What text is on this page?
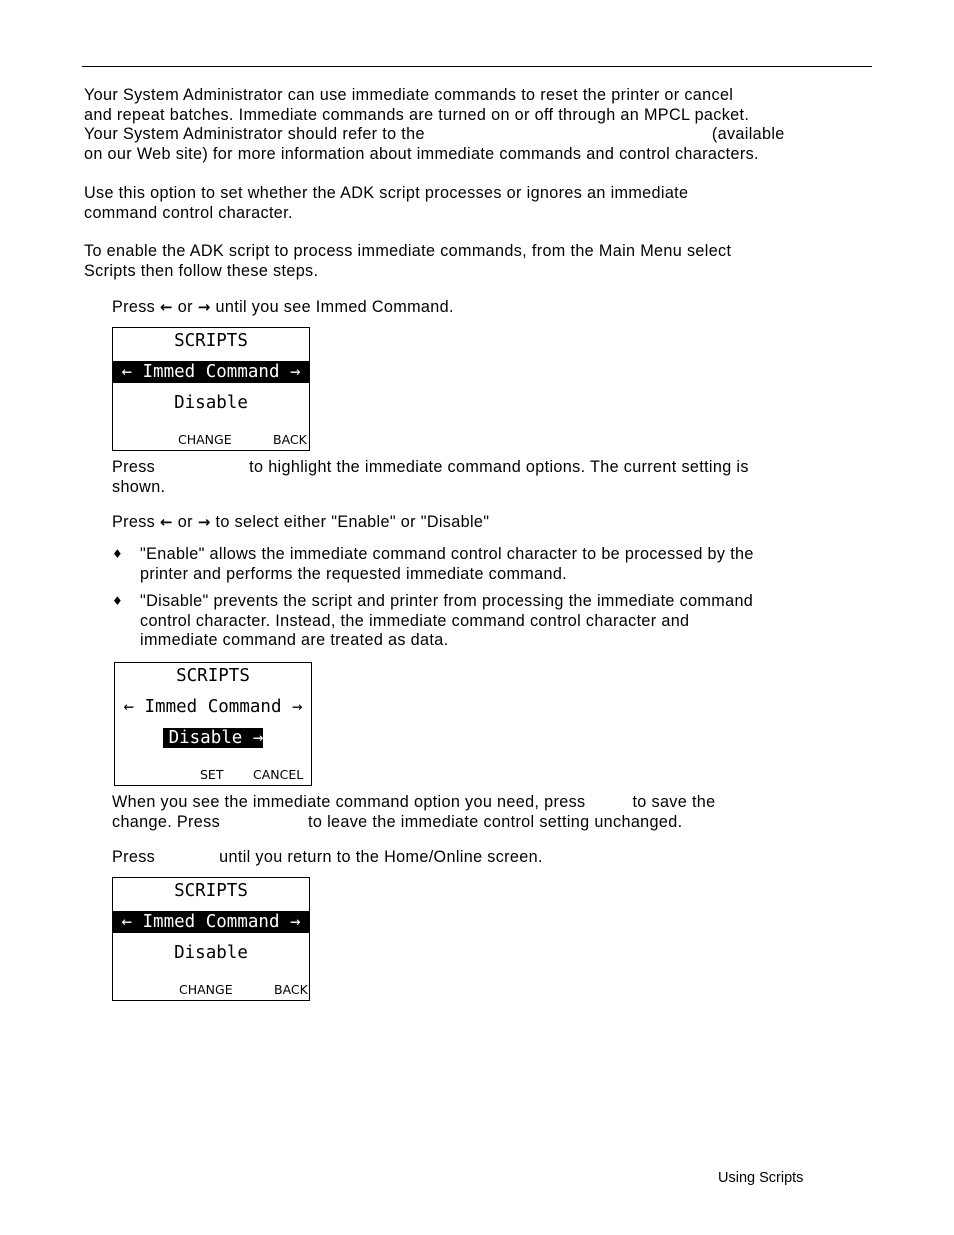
Your System Administrator can use immediate commands to reset the printer or cancel
and repeat batches. Immediate commands are turned on or off through an MPCL packet.
Your System Administrator should refer to the	(available
on our Web site) for more information about immediate commands and control characters.
Use this option to set whether the ADK script processes or ignores an immediate
command control character.
To enable the ADK script to process immediate commands, from the Main Menu select
Scripts then follow these steps.
Press ← or → until you see Immed Command.
SCRIPTS
← Immed Command →
Disable
CHANGE	BACK
Press	to highlight the immediate command options. The current setting is
shown.
Press ← or → to select either "Enable" or "Disable"
♦ "Enable" allows the immediate command control character to be processed by the
printer and performs the requested immediate command.
♦ "Disable" prevents the script and printer from processing the immediate command
control character. Instead, the immediate command control character and
immediate command are treated as data.
SCRIPTS
← Immed Command →
Disable →
SET CANCEL
When you see the immediate command option you need, press	to save the
change. Press	to leave the immediate control setting unchanged.
Press	until you return to the Home/Online screen.
SCRIPTS
← Immed Command →
Disable
CHANGE	BACK
Using Scripts
